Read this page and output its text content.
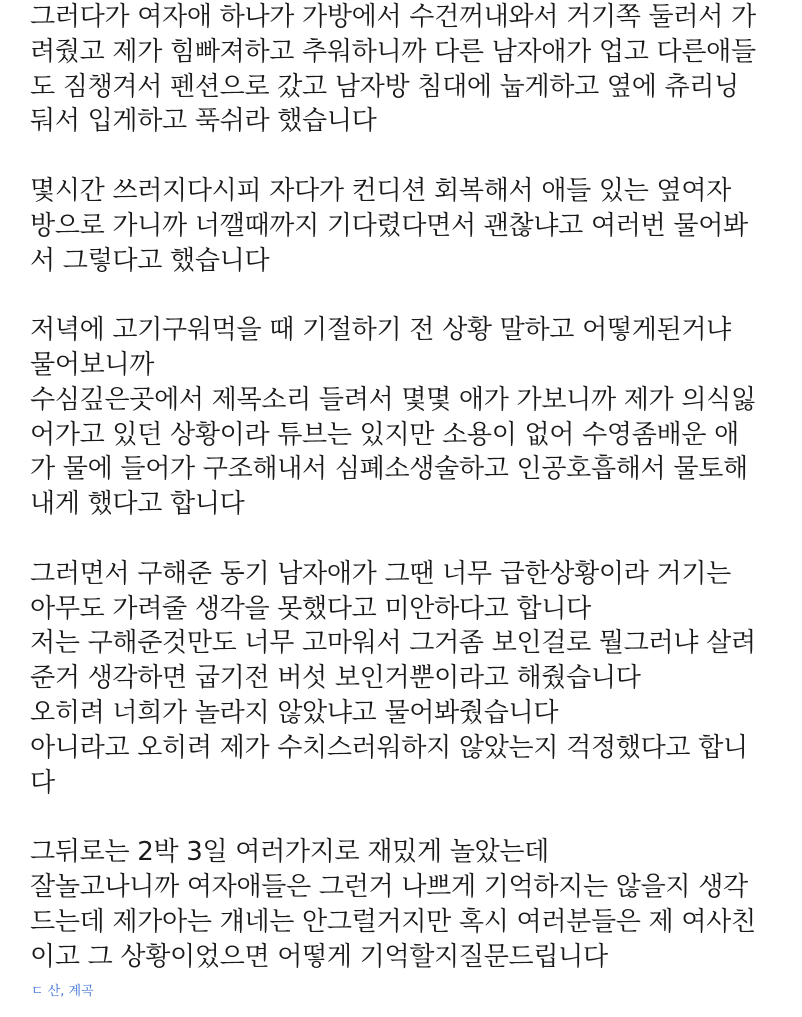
그러다가 여자애 하나가 가방에서 수건꺼내와서 거기쪽 둘러서 가
려줬고 제가 힘빠져하고 추워하니까 다른 남자애가 업고 다른애들
도 짐챙겨서 펜션으로 갔고 남자방 침대에 눕게하고 옆에 츄리닝
둬서 입게하고 푹쉬라 했습니다
몇시간 쓰러지다시피 자다가 컨디션 회복해서 애들 있는 옆여자
방으로 가니까 너깰때까지 기다렸다면서 괜찮냐고 여러번 물어봐
서 그렇다고 했습니다
저녁에 고기구워먹을 때 기절하기 전 상황 말하고 어떻게된거냐
물어보니까
수심깊은곳에서 제목소리 들려서 몇몇 애가 가보니까 제가 의식잃
어가고 있던 상황이라 튜브는 있지만 소용이 없어 수영좀배운 애
가 물에 들어가 구조해내서 심폐소생술하고 인공호흡해서 물토해
내게 했다고 합니다
그러면서 구해준 동기 남자애가 그땐 너무 급한상황이라 거기는
아무도 가려줄 생각을 못했다고 미안하다고 합니다
저는 구해준것만도 너무 고마워서 그거좀 보인걸로 뭘그러냐 살려
준거 생각하면 굽기전 버섯 보인거뿐이라고 해줬습니다
오히려 너희가 놀라지 않았냐고 물어봐줬습니다
아니라고 오히려 제가 수치스러워하지 않았는지 걱정했다고 합니
다
그뒤로는 2박 3일 여러가지로 재밌게 놀았는데
잘놀고나니까 여자애들은 그런거 나쁘게 기억하지는 않을지 생각
드는데 제가아는 걔네는 안그럴거지만 혹시 여러분들은 제 여사친
이고 그 상황이었으면 어떻게 기억할지질문드립니다
ㄷ 산, 계곡
